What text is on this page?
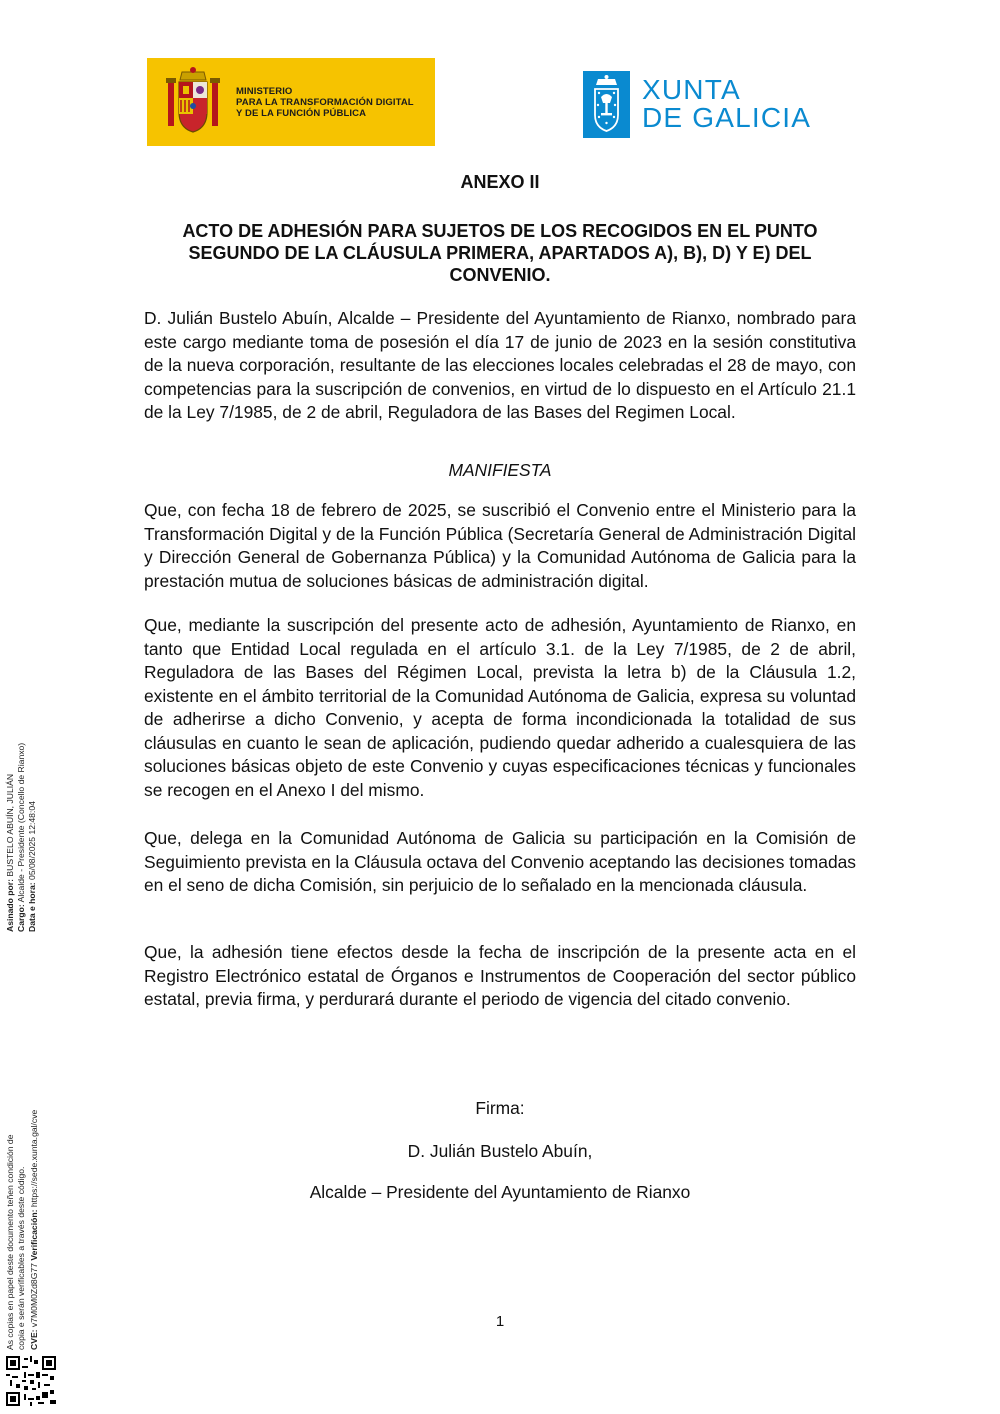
MINISTERIO
PARA LA TRANSFORMACIÓN DIGITAL
Y DE LA FUNCIÓN PÚBLICA
XUNTA
DE GALICIA
ANEXO II
ACTO DE ADHESIÓN PARA SUJETOS DE LOS RECOGIDOS EN EL PUNTO SEGUNDO DE LA CLÁUSULA PRIMERA, APARTADOS A), B), D) Y E) DEL CONVENIO.

D. Julián Bustelo Abuín, Alcalde – Presidente del Ayuntamiento de Rianxo, nombrado para este cargo mediante toma de posesión el día 17 de junio de 2023 en la sesión constitutiva de la nueva corporación, resultante de las elecciones locales celebradas el 28 de mayo, con competencias para la suscripción de convenios, en virtud de lo dispuesto en el Artículo 21.1 de la Ley 7/1985, de 2 de abril, Reguladora de las Bases del Regimen Local.

MANIFIESTA

Que, con fecha 18 de febrero de 2025, se suscribió el Convenio entre el Ministerio para la Transformación Digital y de la Función Pública (Secretaría General de Administración Digital y Dirección General de Gobernanza Pública) y la Comunidad Autónoma de Galicia para la prestación mutua de soluciones básicas de administración digital.

Que, mediante la suscripción del presente acto de adhesión, Ayuntamiento de Rianxo, en tanto que Entidad Local regulada en el artículo 3.1. de la Ley 7/1985, de 2 de abril, Reguladora de las Bases del Régimen Local, prevista la letra b) de la Cláusula 1.2, existente en el ámbito territorial de la Comunidad Autónoma de Galicia, expresa su voluntad de adherirse a dicho Convenio, y acepta de forma incondicionada la totalidad de sus cláusulas en cuanto le sean de aplicación, pudiendo quedar adherido a cualesquiera de las soluciones básicas objeto de este Convenio y cuyas especificaciones técnicas y funcionales se recogen en el Anexo I del mismo.

Que, delega en la Comunidad Autónoma de Galicia su participación en la Comisión de Seguimiento prevista en la Cláusula octava del Convenio aceptando las decisiones tomadas en el seno de dicha Comisión, sin perjuicio de lo señalado en la mencionada cláusula.

Que, la adhesión tiene efectos desde la fecha de inscripción de la presente acta en el Registro Electrónico estatal de Órganos e Instrumentos de Cooperación del sector público estatal, previa firma, y perdurará durante el periodo de vigencia del citado convenio.

Firma:

D. Julián Bustelo Abuín,

Alcalde – Presidente del Ayuntamiento de Rianxo

1

Asinado por: BUSTELO ABUÍN, JULIÁN
Cargo: Alcalde - Presidente (Concello de Rianxo)
Data e hora: 05/08/2025 12:48:04
As copias en papel deste documento teñen condición de copia e serán verificables a través deste código. CVE: v7M0M0Zd8G77 Verificación: https://sede.xunta.gal/cve
